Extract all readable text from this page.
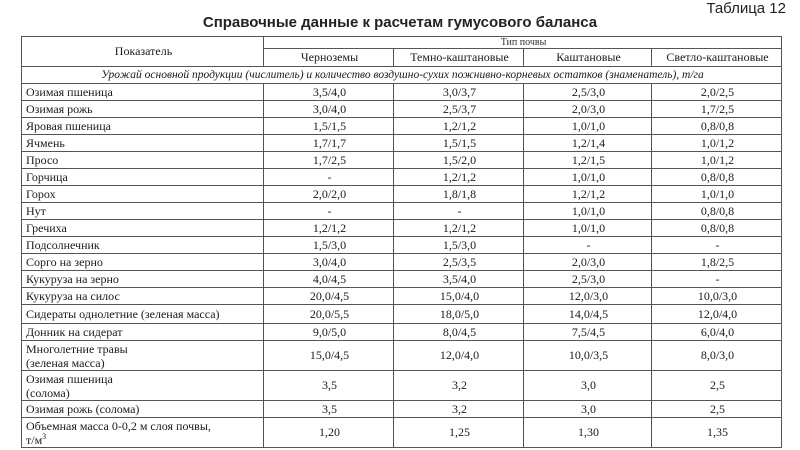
Таблица 12
Справочные данные к расчетам гумусового баланса
Показатель	Тип почвы			
	Черноземы	Темно-каштановые	Каштановые	Светло-каштановые
Урожай основной продукции (числитель) и количество воздушно-сухих пожнивно-корневых остатков (знаменатель), т/га				
Озимая пшеница	3,5/4,0	3,0/3,7	2,5/3,0	2,0/2,5
Озимая рожь	3,0/4,0	2,5/3,7	2,0/3,0	1,7/2,5
Яровая пшеница	1,5/1,5	1,2/1,2	1,0/1,0	0,8/0,8
Ячмень	1,7/1,7	1,5/1,5	1,2/1,4	1,0/1,2
Просо	1,7/2,5	1,5/2,0	1,2/1,5	1,0/1,2
Горчица	-	1,2/1,2	1,0/1,0	0,8/0,8
Горох	2,0/2,0	1,8/1,8	1,2/1,2	1,0/1,0
Нут	-	-	1,0/1,0	0,8/0,8
Гречиха	1,2/1,2	1,2/1,2	1,0/1,0	0,8/0,8
Подсолнечник	1,5/3,0	1,5/3,0	-	-
Сорго на зерно	3,0/4,0	2,5/3,5	2,0/3,0	1,8/2,5
Кукуруза на зерно	4,0/4,5	3,5/4,0	2,5/3,0	-
Кукуруза на силос	20,0/4,5	15,0/4,0	12,0/3,0	10,0/3,0
Сидераты однолетние (зеленая масса)	20,0/5,5	18,0/5,0	14,0/4,5	12,0/4,0
Донник на сидерат	9,0/5,0	8,0/4,5	7,5/4,5	6,0/4,0

Многолетние травы
(зеленая масса)	15,0/4,5	12,0/4,0	10,0/3,5	8,0/3,0

Озимая пшеница
(солома)	3,5	3,2	3,0	2,5
Озимая рожь (солома)	3,5	3,2	3,0	2,5

Объемная масса 0-0,2 м слоя почвы,
$т/м^3$	1,20	1,25	1,30	1,35
